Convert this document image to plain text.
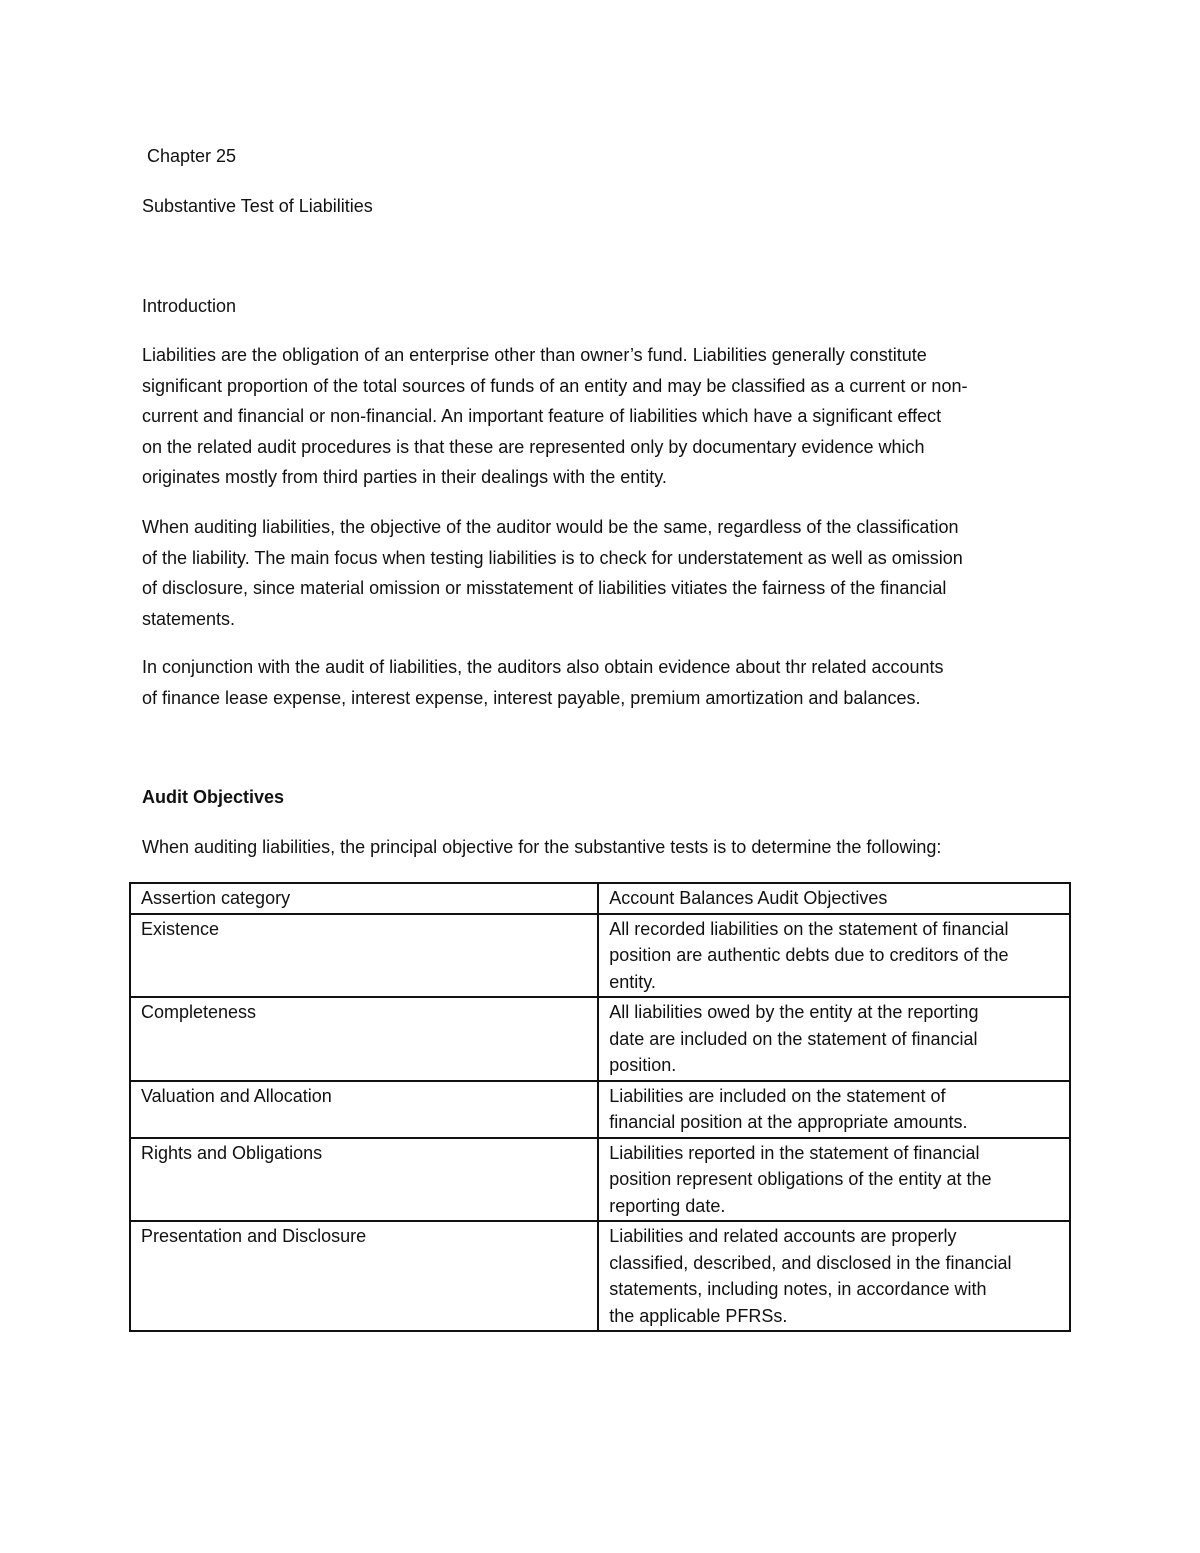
Chapter 25
Substantive Test of Liabilities
Introduction

Liabilities are the obligation of an enterprise other than owner’s fund. Liabilities generally constitute
significant proportion of the total sources of funds of an entity and may be classified as a current or non-
current and financial or non-financial. An important feature of liabilities which have a significant effect
on the related audit procedures is that these are represented only by documentary evidence which
originates mostly from third parties in their dealings with the entity.

When auditing liabilities, the objective of the auditor would be the same, regardless of the classification
of the liability. The main focus when testing liabilities is to check for understatement as well as omission
of disclosure, since material omission or misstatement of liabilities vitiates the fairness of the financial
statements.

In conjunction with the audit of liabilities, the auditors also obtain evidence about thr related accounts
of finance lease expense, interest expense, interest payable, premium amortization and balances.

Audit Objectives
When auditing liabilities, the principal objective for the substantive tests is to determine the following:
Assertion category	Account Balances Audit Objectives
Existence	All recorded liabilities on the statement of financial
position are authentic debts due to creditors of the
entity.

Completeness	All liabilities owed by the entity at the reporting
date are included on the statement of financial
position.

Valuation and Allocation	Liabilities are included on the statement of
financial position at the appropriate amounts.

Rights and Obligations	Liabilities reported in the statement of financial
position represent obligations of the entity at the
reporting date.

Presentation and Disclosure	Liabilities and related accounts are properly
classified, described, and disclosed in the financial
statements, including notes, in accordance with
the applicable PFRSs.
